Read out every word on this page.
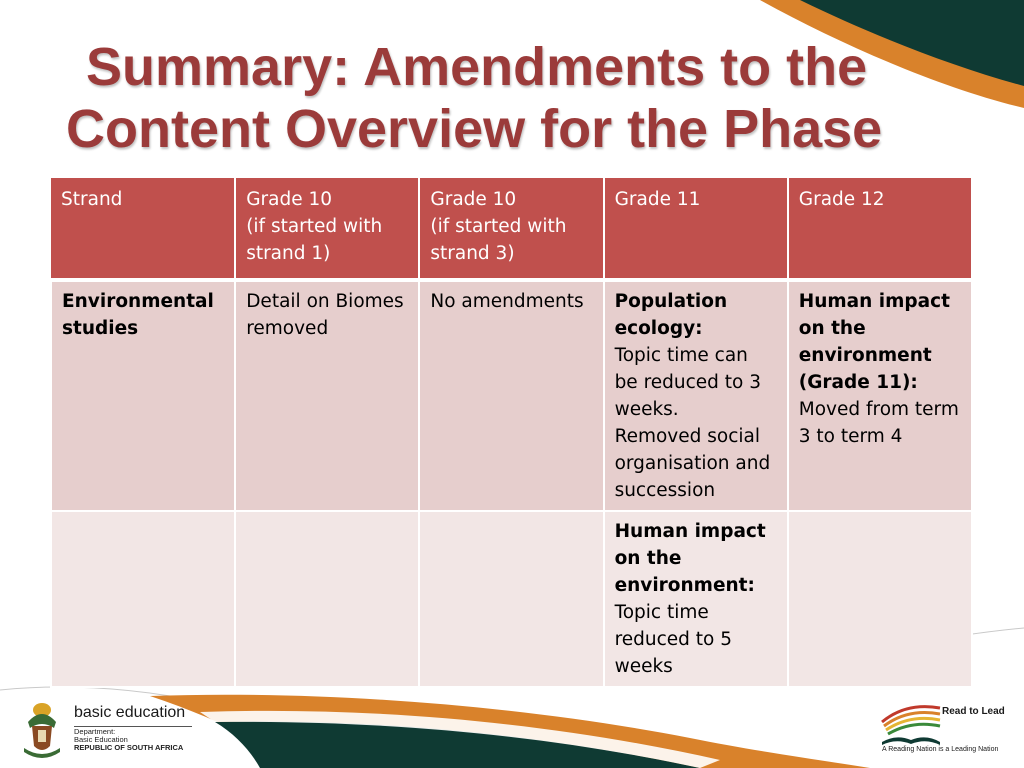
Summary: Amendments to the
Content Overview for the Phase
Strand	Grade 10
(if started with
strand 1)	Grade 10
(if started with
strand 3)	Grade 11	Grade 12

Environmental studies	Detail on Biomes removed	No amendments	Population ecology:
Topic time can be reduced to 3 weeks.
Removed social organisation and succession	Human impact on the environment (Grade 11):
Moved from term 3 to term 4

			Human impact on the environment:
Topic time reduced to 5 weeks	

basic education
Department:
Basic Education
REPUBLIC OF SOUTH AFRICA
Read to Lead
A Reading Nation is a Leading Nation
